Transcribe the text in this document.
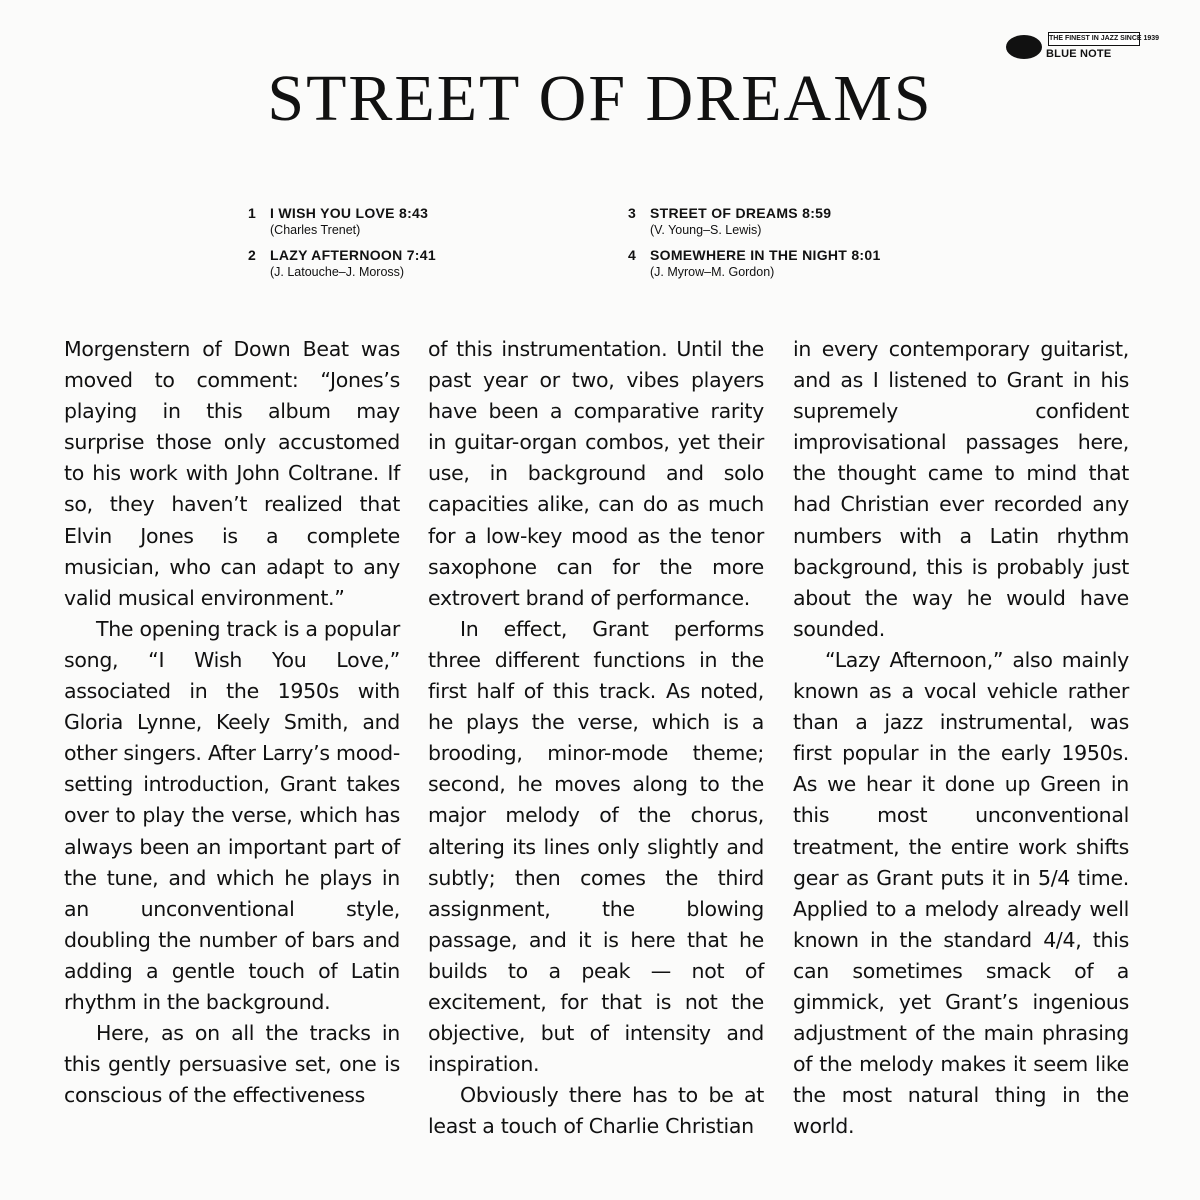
THE FINEST IN JAZZ SINCE 1939
BLUE NOTE
STREET OF DREAMS
1 I WISH YOU LOVE 8:43
(Charles Trenet)
2 LAZY AFTERNOON 7:41
(J. Latouche–J. Moross)
3 STREET OF DREAMS 8:59
(V. Young–S. Lewis)
4 SOMEWHERE IN THE NIGHT 8:01
(J. Myrow–M. Gordon)

Morgenstern of Down Beat was moved to comment: “Jones’s playing in this album may surprise those only accustomed to his work with John Coltrane. If so, they haven’t realized that Elvin Jones is a complete musician, who can adapt to any valid musical environment.”

The opening track is a popular song, “I Wish You Love,” associated in the 1950s with Gloria Lynne, Keely Smith, and other singers. After Larry’s mood-setting introduction, Grant takes over to play the verse, which has always been an important part of the tune, and which he plays in an unconventional style, doubling the number of bars and adding a gentle touch of Latin rhythm in the background.

Here, as on all the tracks in this gently persuasive set, one is conscious of the effectiveness

of this instrumentation. Until the past year or two, vibes players have been a comparative rarity in guitar-organ combos, yet their use, in background and solo capacities alike, can do as much for a low-key mood as the tenor saxophone can for the more extrovert brand of performance.

In effect, Grant performs three different functions in the first half of this track. As noted, he plays the verse, which is a brooding, minor-mode theme; second, he moves along to the major melody of the chorus, altering its lines only slightly and subtly; then comes the third assignment, the blowing passage, and it is here that he builds to a peak — not of excitement, for that is not the objective, but of intensity and inspiration.

Obviously there has to be at least a touch of Charlie Christian

in every contemporary guitarist, and as I listened to Grant in his supremely confident improvisational passages here, the thought came to mind that had Christian ever recorded any numbers with a Latin rhythm background, this is probably just about the way he would have sounded.

“Lazy Afternoon,” also mainly known as a vocal vehicle rather than a jazz instrumental, was first popular in the early 1950s. As we hear it done up Green in this most unconventional treatment, the entire work shifts gear as Grant puts it in 5/4 time. Applied to a melody already well known in the standard 4/4, this can sometimes smack of a gimmick, yet Grant’s ingenious adjustment of the main phrasing of the melody makes it seem like the most natural thing in the world.
